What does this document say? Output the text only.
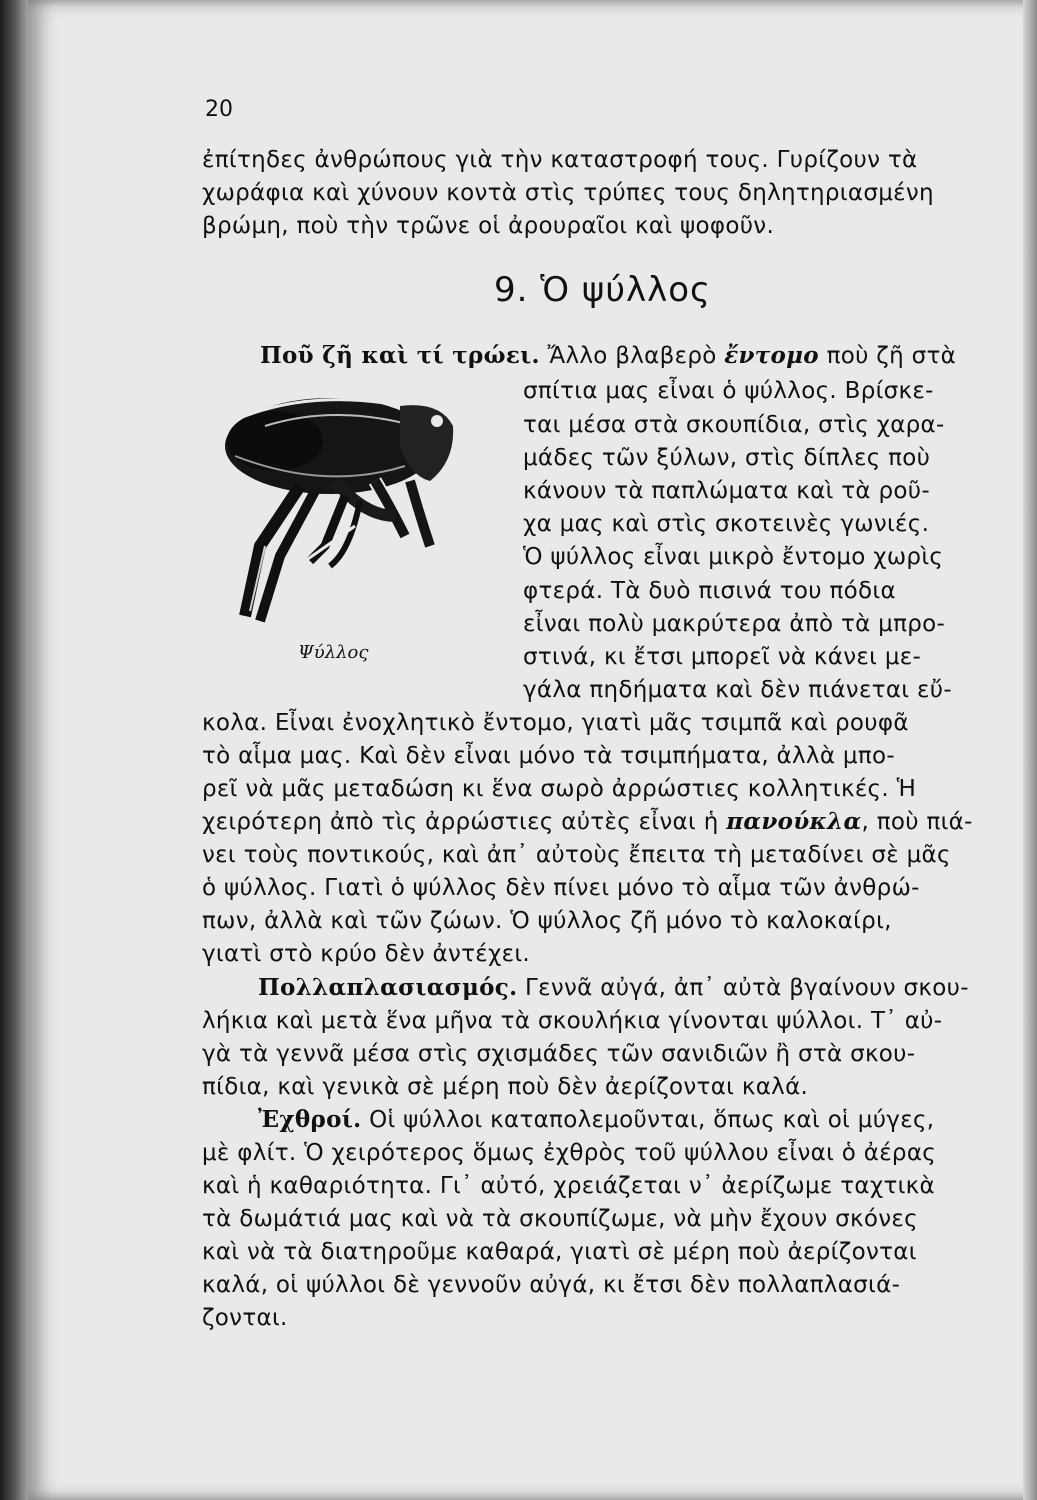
20
ἐπίτηδες ἀνθρώπους γιὰ τὴν καταστροφή τους. Γυρίζουν τὰ
χωράφια καὶ χύνουν κοντὰ στὶς τρύπες τους δηλητηριασμένη
βρώμη, ποὺ τὴν τρῶνε οἱ ἀρουραῖοι καὶ ψοφοῦν.
9. Ὁ ψύλλος
Ποῦ ζῆ καὶ τί τρώει. Ἄλλο βλαβερὸ ἔντομο ποὺ ζῆ στὰ
Ψύλλος
σπίτια μας εἶναι ὁ ψύλλος. Βρίσκε-
ται μέσα στὰ σκουπίδια, στὶς χαρα-
μάδες τῶν ξύλων, στὶς δίπλες ποὺ
κάνουν τὰ παπλώματα καὶ τὰ ροῦ-
χα μας καὶ στὶς σκοτεινὲς γωνιές.
Ὁ ψύλλος εἶναι μικρὸ ἔντομο χωρὶς
φτερά. Τὰ δυὸ πισινά του πόδια
εἶναι πολὺ μακρύτερα ἀπὸ τὰ μπρο-
στινά, κι ἔτσι μπορεῖ νὰ κάνει με-
γάλα πηδήματα καὶ δὲν πιάνεται εὔ-
κολα. Εἶναι ἐνοχλητικὸ ἔντομο, γιατὶ μᾶς τσιμπᾶ καὶ ρουφᾶ
τὸ αἷμα μας. Καὶ δὲν εἶναι μόνο τὰ τσιμπήματα, ἀλλὰ μπο-
ρεῖ νὰ μᾶς μεταδώση κι ἕνα σωρὸ ἀρρώστιες κολλητικές. Ἡ
χειρότερη ἀπὸ τὶς ἀρρώστιες αὐτὲς εἶναι ἡ πανούκλα, ποὺ πιά-
νει τοὺς ποντικούς, καὶ ἀπ᾽ αὐτοὺς ἔπειτα τὴ μεταδίνει σὲ μᾶς
ὁ ψύλλος. Γιατὶ ὁ ψύλλος δὲν πίνει μόνο τὸ αἷμα τῶν ἀνθρώ-
πων, ἀλλὰ καὶ τῶν ζώων. Ὁ ψύλλος ζῆ μόνο τὸ καλοκαίρι,
γιατὶ στὸ κρύο δὲν ἀντέχει.
Πολλαπλασιασμός. Γεννᾶ αὐγά, ἀπ᾽ αὐτὰ βγαίνουν σκου-
λήκια καὶ μετὰ ἕνα μῆνα τὰ σκουλήκια γίνονται ψύλλοι. Τ᾽ αὐ-
γὰ τὰ γεννᾶ μέσα στὶς σχισμάδες τῶν σανιδιῶν ἢ στὰ σκου-
πίδια, καὶ γενικὰ σὲ μέρη ποὺ δὲν ἀερίζονται καλά.
Ἐχθροί. Οἱ ψύλλοι καταπολεμοῦνται, ὅπως καὶ οἱ μύγες,
μὲ φλίτ. Ὁ χειρότερος ὅμως ἐχθρὸς τοῦ ψύλλου εἶναι ὁ ἀέρας
καὶ ἡ καθαριότητα. Γι᾽ αὐτό, χρειάζεται ν᾽ ἀερίζωμε ταχτικὰ
τὰ δωμάτιά μας καὶ νὰ τὰ σκουπίζωμε, νὰ μὴν ἔχουν σκόνες
καὶ νὰ τὰ διατηροῦμε καθαρά, γιατὶ σὲ μέρη ποὺ ἀερίζονται
καλά, οἱ ψύλλοι δὲ γεννοῦν αὐγά, κι ἔτσι δὲν πολλαπλασιά-
ζονται.
